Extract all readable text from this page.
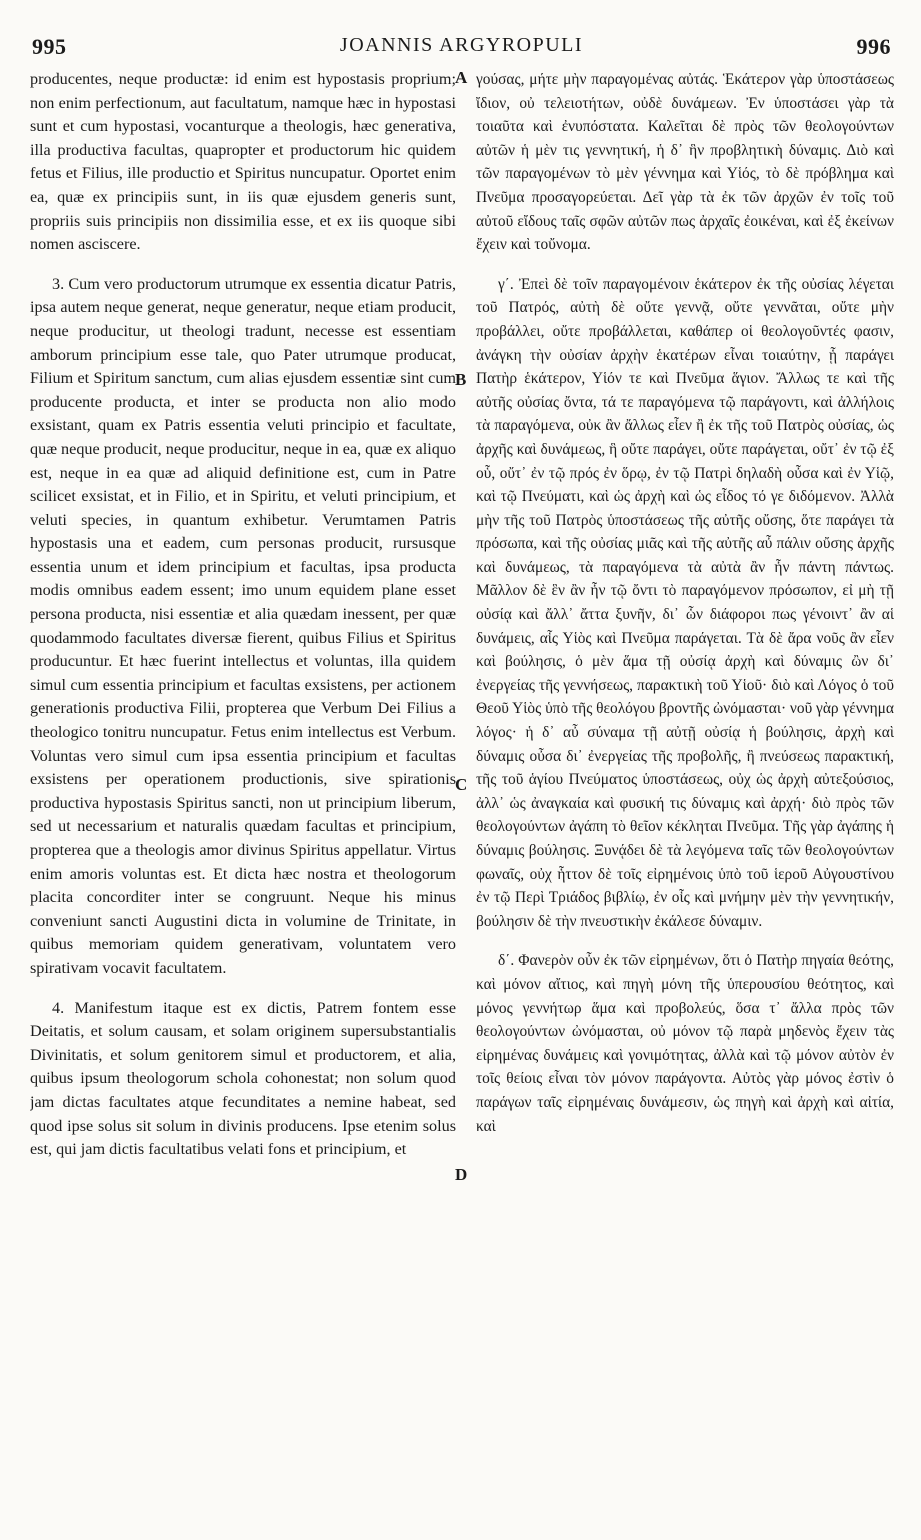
995	JOANNIS ARGYROPULI	996

producentes, neque productæ: id enim est hypostasis proprium; non enim perfectionum, aut facultatum, namque hæc in hypostasi sunt et cum hypostasi, vocanturque a theologis, hæc generativa, illa productiva facultas, quapropter et productorum hic quidem fetus et Filius, ille productio et Spiritus nuncupatur. Oportet enim ea, quæ ex principiis sunt, in iis quæ ejusdem generis sunt, propriis suis principiis non dissimilia esse, et ex iis quoque sibi nomen asciscere.

3. Cum vero productorum utrumque ex essentia dicatur Patris, ipsa autem neque generat, neque generatur, neque etiam producit, neque producitur, ut theologi tradunt, necesse est essentiam amborum principium esse tale, quo Pater utrumque producat, Filium et Spiritum sanctum, cum alias ejusdem essentiæ sint cum producente producta, et inter se producta non alio modo exsistant, quam ex Patris essentia veluti principio et facultate, quæ neque producit, neque producitur, neque in ea, quæ ex aliquo est, neque in ea quæ ad aliquid definitione est, cum in Patre scilicet exsistat, et in Filio, et in Spiritu, et veluti principium, et veluti species, in quantum exhibetur. Verumtamen Patris hypostasis una et eadem, cum personas producit, rursusque essentia unum et idem principium et facultas, ipsa producta modis omnibus eadem essent; imo unum equidem plane esset persona producta, nisi essentiæ et alia quædam inessent, per quæ quodammodo facultates diversæ fierent, quibus Filius et Spiritus producuntur. Et hæc fuerint intellectus et voluntas, illa quidem simul cum essentia principium et facultas exsistens, per actionem generationis productiva Filii, propterea que Verbum Dei Filius a theologico tonitru nuncupatur. Fetus enim intellectus est Verbum. Voluntas vero simul cum ipsa essentia principium et facultas exsistens per operationem productionis, sive spirationis productiva hypostasis Spiritus sancti, non ut principium liberum, sed ut necessarium et naturalis quædam facultas et principium, propterea que a theologis amor divinus Spiritus appellatur. Virtus enim amoris voluntas est. Et dicta hæc nostra et theologorum placita concorditer inter se congruunt. Neque his minus conveniunt sancti Augustini dicta in volumine de Trinitate, in quibus memoriam quidem generativam, voluntatem vero spirativam vocavit facultatem.

4. Manifestum itaque est ex dictis, Patrem fontem esse Deitatis, et solum causam, et solam originem supersubstantialis Divinitatis, et solum genitorem simul et productorem, et alia, quibus ipsum theologorum schola cohonestat; non solum quod jam dictas facultates atque fecunditates a nemine habeat, sed quod ipse solus sit solum in divinis producens. Ipse etenim solus est, qui jam dictis facultatibus velati fons et principium, et

A
B
C
D

γούσας, μήτε μὴν παραγομένας αὐτάς. Ἑκάτερον γὰρ ὑποστάσεως ἴδιον, οὐ τελειοτήτων, οὐδὲ δυνάμεων. Ἐν ὑποστάσει γὰρ τὰ τοιαῦτα καὶ ἐνυπόστατα. Καλεῖται δὲ πρὸς τῶν θεολογούντων αὐτῶν ἡ μὲν τις γεννητική, ἡ δ᾽ ἣν προβλητικὴ δύναμις. Διὸ καὶ τῶν παραγομένων τὸ μὲν γέννημα καὶ Υἱός, τὸ δὲ πρόβλημα καὶ Πνεῦμα προσαγορεύεται. Δεῖ γὰρ τὰ ἐκ τῶν ἀρχῶν ἐν τοῖς τοῦ αὐτοῦ εἴδους ταῖς σφῶν αὐτῶν πως ἀρχαῖς ἐοικέναι, καὶ ἐξ ἐκείνων ἔχειν καὶ τοὔνομα.

γ΄. Ἐπεὶ δὲ τοῖν παραγομένοιν ἑκάτερον ἐκ τῆς οὐσίας λέγεται τοῦ Πατρός, αὐτὴ δὲ οὔτε γεννᾷ, οὔτε γεννᾶται, οὔτε μὴν προβάλλει, οὔτε προβάλλεται, καθάπερ οἱ θεολογοῦντές φασιν, ἀνάγκη τὴν οὐσίαν ἀρχὴν ἑκατέρων εἶναι τοιαύτην, ᾗ παράγει Πατὴρ ἑκάτερον, Υἱόν τε καὶ Πνεῦμα ἅγιον. Ἄλλως τε καὶ τῆς αὐτῆς οὐσίας ὄντα, τά τε παραγόμενα τῷ παράγοντι, καὶ ἀλλήλοις τὰ παραγόμενα, οὐκ ἂν ἄλλως εἶεν ἢ ἐκ τῆς τοῦ Πατρὸς οὐσίας, ὡς ἀρχῆς καὶ δυνάμεως, ἣ οὔτε παράγει, οὔτε παράγεται, οὔτ᾽ ἐν τῷ ἐξ οὗ, οὔτ᾽ ἐν τῷ πρός ἐν ὅρῳ, ἐν τῷ Πατρὶ δηλαδὴ οὖσα καὶ ἐν Υἱῷ, καὶ τῷ Πνεύματι, καὶ ὡς ἀρχὴ καὶ ὡς εἶδος τό γε διδόμενον. Ἀλλὰ μὴν τῆς τοῦ Πατρὸς ὑποστάσεως τῆς αὐτῆς οὔσης, ὅτε παράγει τὰ πρόσωπα, καὶ τῆς οὐσίας μιᾶς καὶ τῆς αὐτῆς αὖ πάλιν οὔσης ἀρχῆς καὶ δυνάμεως, τὰ παραγόμενα τὰ αὐτὰ ἂν ἦν πάντη πάντως. Μᾶλλον δὲ ἓν ἂν ἦν τῷ ὄντι τὸ παραγόμενον πρόσωπον, εἰ μὴ τῇ οὐσίᾳ καὶ ἄλλ᾽ ἄττα ξυνῆν, δι᾽ ὧν διάφοροι πως γένοιντ᾽ ἂν αἱ δυνάμεις, αἷς Υἱὸς καὶ Πνεῦμα παράγεται. Τὰ δὲ ἄρα νοῦς ἂν εἶεν καὶ βούλησις, ὁ μὲν ἅμα τῇ οὐσίᾳ ἀρχὴ καὶ δύναμις ὢν δι᾽ ἐνεργείας τῆς γεννήσεως, παρακτικὴ τοῦ Υἱοῦ· διὸ καὶ Λόγος ὁ τοῦ Θεοῦ Υἱὸς ὑπὸ τῆς θεολόγου βροντῆς ὠνόμασται· νοῦ γὰρ γέννημα λόγος· ἡ δ᾽ αὖ σύναμα τῇ αὐτῇ οὐσίᾳ ἡ βούλησις, ἀρχὴ καὶ δύναμις οὖσα δι᾽ ἐνεργείας τῆς προβολῆς, ἢ πνεύσεως παρακτική, τῆς τοῦ ἁγίου Πνεύματος ὑποστάσεως, οὐχ ὡς ἀρχὴ αὐτεξούσιος, ἀλλ᾽ ὡς ἀναγκαία καὶ φυσική τις δύναμις καὶ ἀρχή· διὸ πρὸς τῶν θεολογούντων ἀγάπη τὸ θεῖον κέκληται Πνεῦμα. Τῆς γὰρ ἀγάπης ἡ δύναμις βούλησις. Ξυνᾴδει δὲ τὰ λεγόμενα ταῖς τῶν θεολογούντων φωναῖς, οὐχ ἧττον δὲ τοῖς εἰρημένοις ὑπὸ τοῦ ἱεροῦ Αὐγουστίνου ἐν τῷ Περὶ Τριάδος βιβλίῳ, ἐν οἷς καὶ μνήμην μὲν τὴν γεννητικήν, βούλησιν δὲ τὴν πνευστικὴν ἐκάλεσε δύναμιν.

δ΄. Φανερὸν οὖν ἐκ τῶν εἰρημένων, ὅτι ὁ Πατὴρ πηγαία θεότης, καὶ μόνον αἴτιος, καὶ πηγὴ μόνη τῆς ὑπερουσίου θεότητος, καὶ μόνος γεννήτωρ ἅμα καὶ προβολεύς, ὅσα τ᾽ ἄλλα πρὸς τῶν θεολογούντων ὠνόμασται, οὐ μόνον τῷ παρὰ μηδενὸς ἔχειν τὰς εἰρημένας δυνάμεις καὶ γονιμότητας, ἀλλὰ καὶ τῷ μόνον αὐτὸν ἐν τοῖς θείοις εἶναι τὸν μόνον παράγοντα. Αὐτὸς γὰρ μόνος ἐστὶν ὁ παράγων ταῖς εἰρημέναις δυνάμεσιν, ὡς πηγὴ καὶ ἀρχὴ καὶ αἰτία, καὶ
